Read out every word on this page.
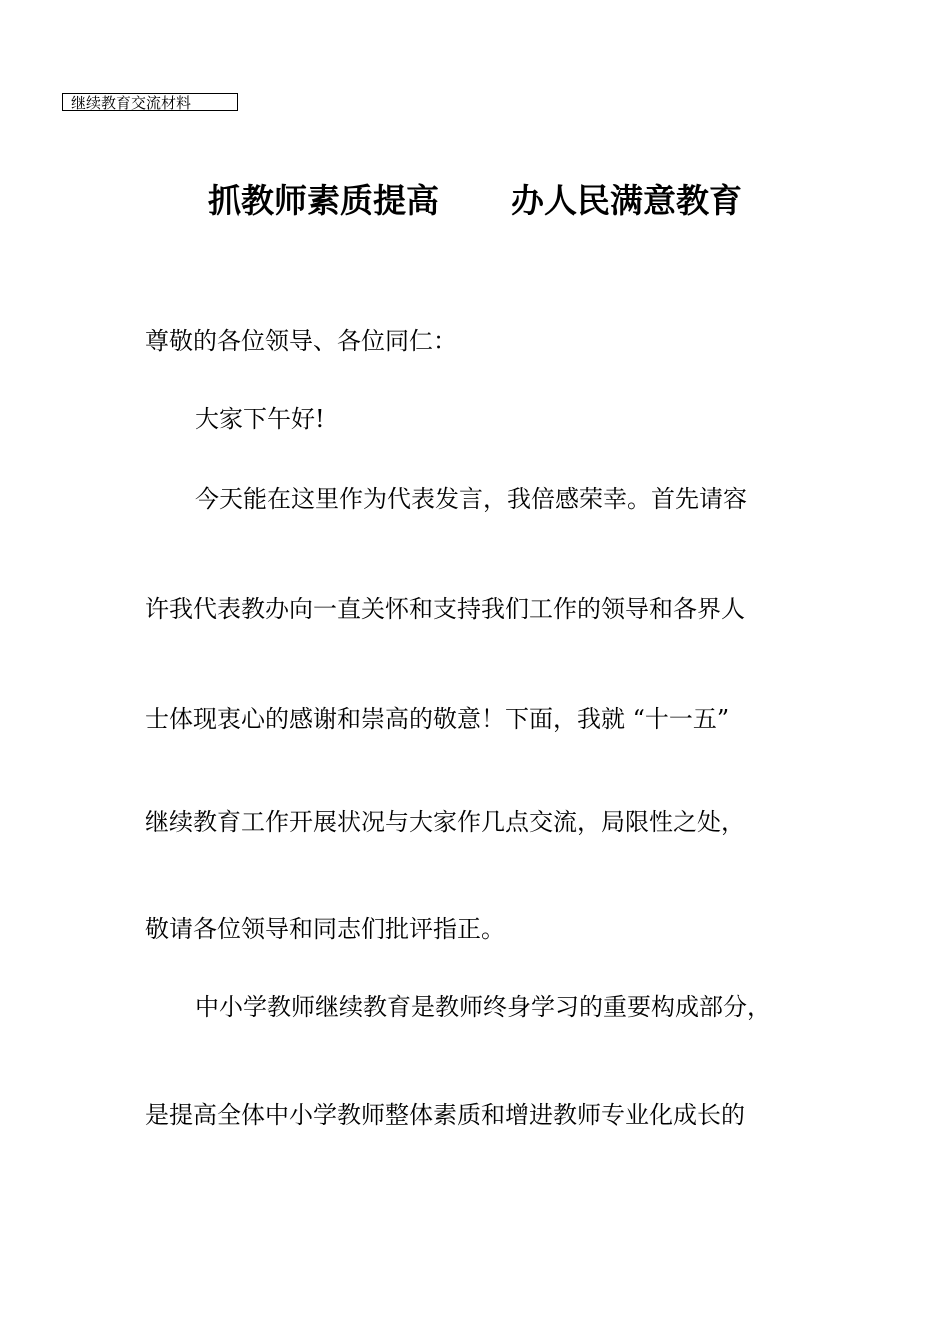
继续教育交流材料
抓教师素质提高 办人民满意教育
尊敬的各位领导、各位同仁：
大家下午好!
今天能在这里作为代表发言，我倍感荣幸。首先请容
许我代表教办向一直关怀和支持我们工作的领导和各界人
士体现衷心的感谢和崇高的敬意！下面，我就 “十一五”
继续教育工作开展状况与大家作几点交流，局限性之处，
敬请各位领导和同志们批评指正。
中小学教师继续教育是教师终身学习的重要构成部分，
是提高全体中小学教师整体素质和增进教师专业化成长的
